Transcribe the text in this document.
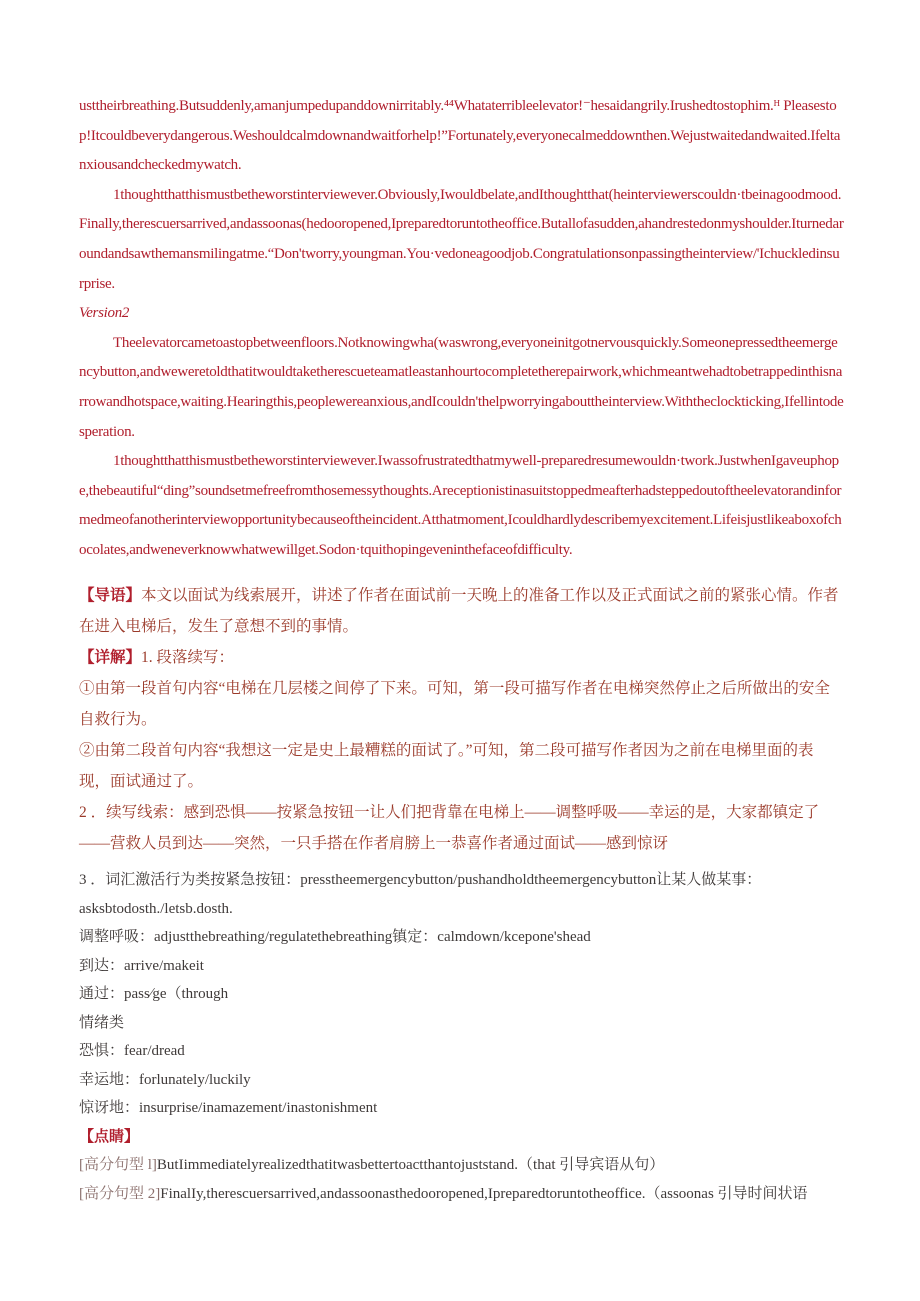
usttheirbreathing.Butsuddenly,amanjumpedupanddownirritably.⁴⁴Whataterribleelevator!⁻hesaidangrily.Irushedtostophim.ᴴ Pleasestop!Itcouldbeverydangerous.Weshouldcalmdownandwaitforhelp!”Fortunately,everyonecalmeddownthen.Wejustwaitedandwaited.Ifeltanxiousandcheckedmywatch.

1thoughtthatthismustbetheworstinterviewever.Obviously,Iwouldbelate,andIthoughtthat(heinterviewerscouldn·tbeinagoodmood.Finally,therescuersarrived,andassoonas(hedooropened,Ipreparedtoruntotheoffice.Butallofasudden,ahandrestedonmyshoulder.Iturnedaroundandsawthemansmilingatme.“Don'tworry,youngman.You·vedoneagoodjob.Congratulationsonpassingtheinterview/'Ichuckledinsurprise.

Version2

Theelevatorcametoastopbetweenfloors.Notknowingwha(waswrong,everyoneinitgotnervousquickly.Someonepressedtheemergencybutton,andweweretoldthatitwouldtaketherescueteamatleastanhourtocompletetherepairwork,whichmeantwehadtobetrappedinthisnarrowandhotspace,waiting.Hearingthis,peoplewereanxious,andIcouldn'thelpworryingabouttheinterview.Withtheclockticking,Ifellintodesperation.

1thoughtthatthismustbetheworstinterviewever.Iwassofrustratedthatmywell-preparedresumewouldn·twork.JustwhenIgaveuphope,thebeautiful“ding”soundsetmefreefromthosemessythoughts.Areceptionistinasuitstoppedmeafterhadsteppedoutoftheelevatorandinformedmeofanotherinterviewopportunitybecauseoftheincident.Atthatmoment,Icouldhardlydescribemyexcitement.Lifeisjustlikeaboxofchocolates,andweneverknowwhatwewillget.Sodon·tquithopingeveninthefaceofdifficulty.

【导语】本文以面试为线索展开，讲述了作者在面试前一天晚上的准备工作以及正式面试之前的紧张心情。作者在进入电梯后，发生了意想不到的事情。

【详解】1. 段落续写：

①由第一段首句内容“电梯在几层楼之间停了下来。可知，第一段可描写作者在电梯突然停止之后所做出的安全自救行为。

②由第二段首句内容“我想这一定是史上最糟糕的面试了。”可知，第二段可描写作者因为之前在电梯里面的表现，面试通过了。

2 ．续写线索：感到恐惧——按紧急按钮一让人们把背靠在电梯上——调整呼吸——幸运的是，大家都镇定了——营救人员到达——突然，一只手搭在作者肩膀上一恭喜作者通过面试——感到惊讶

3 ．词汇激活行为类按紧急按钮：presstheemergencybutton/pushandholdtheemergencybutton让某人做某事：

asksbtodosth./letsb.dosth.

调整呼吸：adjustthebreathing/regulatethebreathing镇定：calmdown/kcepone'shead

到达：arrive/makeit

通过：pass∕ge（through

情绪类

恐惧：fear/dread

幸运地：forlunately/luckily

惊讶地：insurprise/inamazement/inastonishment

【点睛】

[高分句型 l]ButIimmediatelyrealizedthatitwasbettertoactthantojuststand.（that 引导宾语从句）

[高分句型 2]FinalIy,therescuersarrived,andassoonasthedooropened,Ipreparedtoruntotheoffice.（assoonas 引导时间状语
